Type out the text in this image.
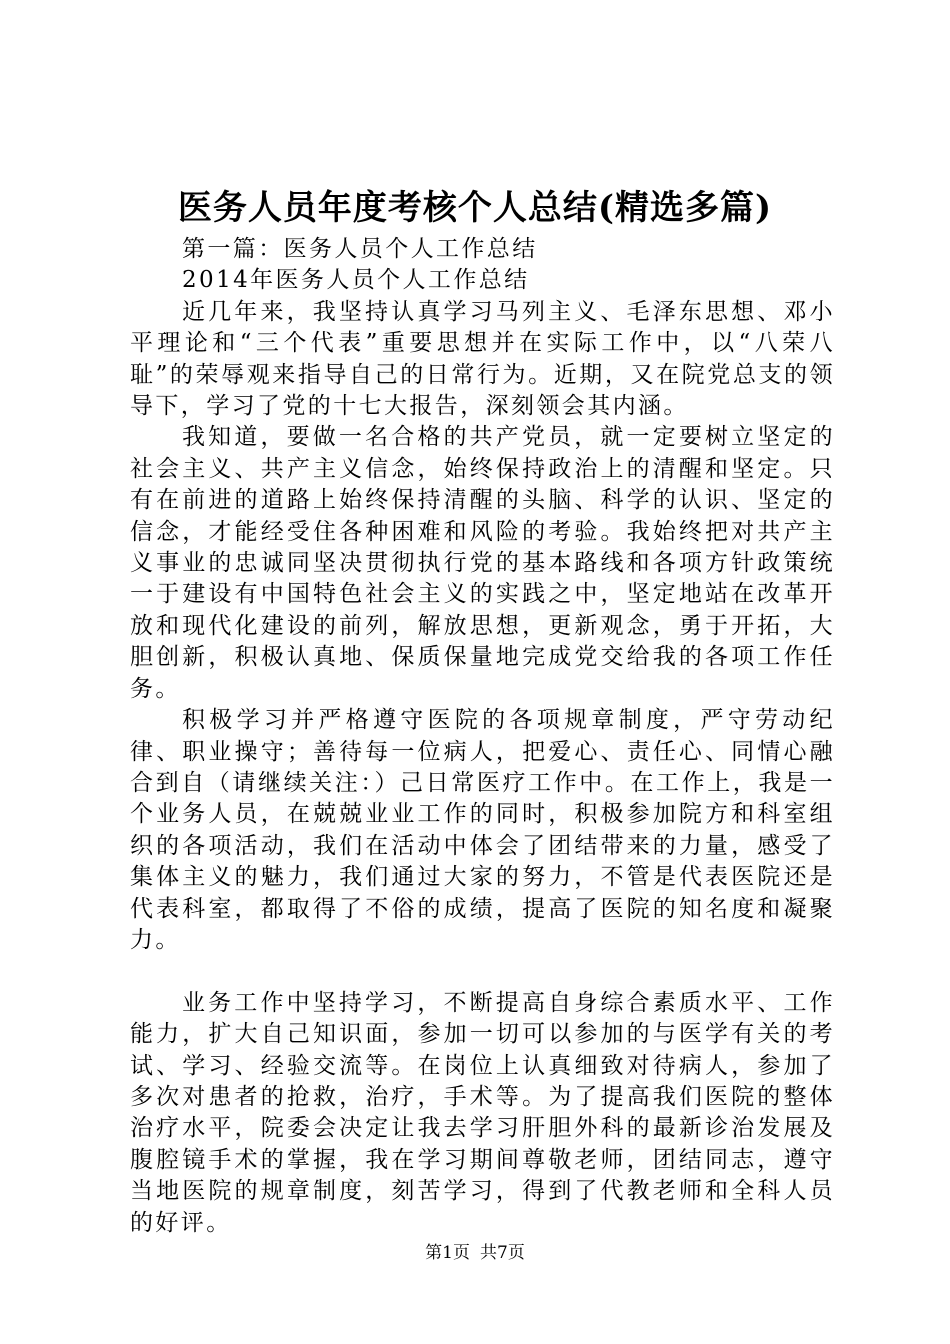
医务人员年度考核个人总结(精选多篇)

第一篇：医务人员个人工作总结

2014年医务人员个人工作总结

近几年来，我坚持认真学习马列主义、毛泽东思想、邓小平理论和“三个代表”重要思想并在实际工作中，以“八荣八耻”的荣辱观来指导自己的日常行为。近期，又在院党总支的领导下，学习了党的十七大报告，深刻领会其内涵。

我知道，要做一名合格的共产党员，就一定要树立坚定的社会主义、共产主义信念，始终保持政治上的清醒和坚定。只有在前进的道路上始终保持清醒的头脑、科学的认识、坚定的信念，才能经受住各种困难和风险的考验。我始终把对共产主义事业的忠诚同坚决贯彻执行党的基本路线和各项方针政策统一于建设有中国特色社会主义的实践之中，坚定地站在改革开放和现代化建设的前列，解放思想，更新观念，勇于开拓，大胆创新，积极认真地、保质保量地完成党交给我的各项工作任务。

积极学习并严格遵守医院的各项规章制度，严守劳动纪律、职业操守；善待每一位病人，把爱心、责任心、同情心融合到自（请继续关注：）己日常医疗工作中。在工作上，我是一个业务人员，在兢兢业业工作的同时，积极参加院方和科室组织的各项活动，我们在活动中体会了团结带来的力量，感受了集体主义的魅力，我们通过大家的努力，不管是代表医院还是代表科室，都取得了不俗的成绩，提高了医院的知名度和凝聚力。

业务工作中坚持学习，不断提高自身综合素质水平、工作能力，扩大自己知识面，参加一切可以参加的与医学有关的考试、学习、经验交流等。在岗位上认真细致对待病人，参加了多次对患者的抢救，治疗，手术等。为了提高我们医院的整体治疗水平，院委会决定让我去学习肝胆外科的最新诊治发展及腹腔镜手术的掌握，我在学习期间尊敬老师，团结同志，遵守当地医院的规章制度，刻苦学习，得到了代教老师和全科人员的好评。

第1页 共7页
